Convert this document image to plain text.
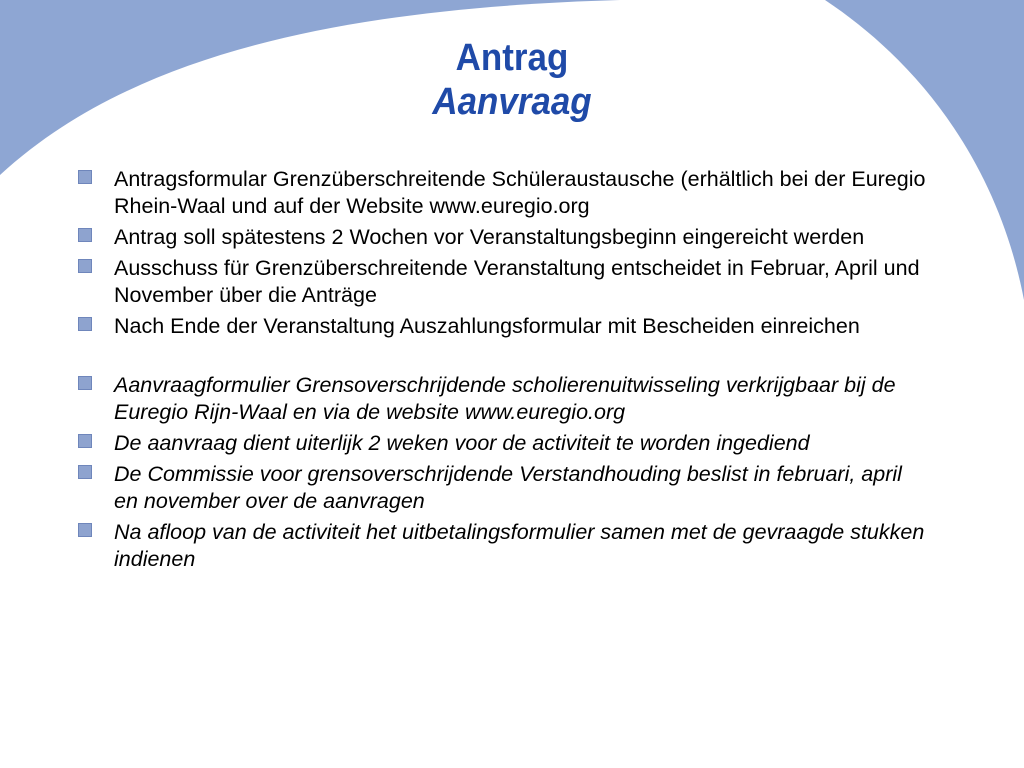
Antrag
Aanvraag
Antragsformular Grenzüberschreitende Schüleraustausche (erhältlich bei der Euregio Rhein-Waal und auf der Website www.euregio.org
Antrag soll spätestens 2 Wochen vor Veranstaltungsbeginn eingereicht werden
Ausschuss für Grenzüberschreitende Veranstaltung entscheidet in Februar, April und November über die Anträge
Nach Ende der Veranstaltung Auszahlungsformular mit Bescheiden einreichen
Aanvraagformulier Grensoverschrijdende scholierenuitwisseling verkrijgbaar bij de Euregio Rijn-Waal en via de website www.euregio.org
De aanvraag dient uiterlijk 2 weken voor de activiteit te worden ingediend
De Commissie voor grensoverschrijdende Verstandhouding beslist in februari, april en november over de aanvragen
Na afloop van de activiteit het uitbetalingsformulier samen met de gevraagde stukken indienen
